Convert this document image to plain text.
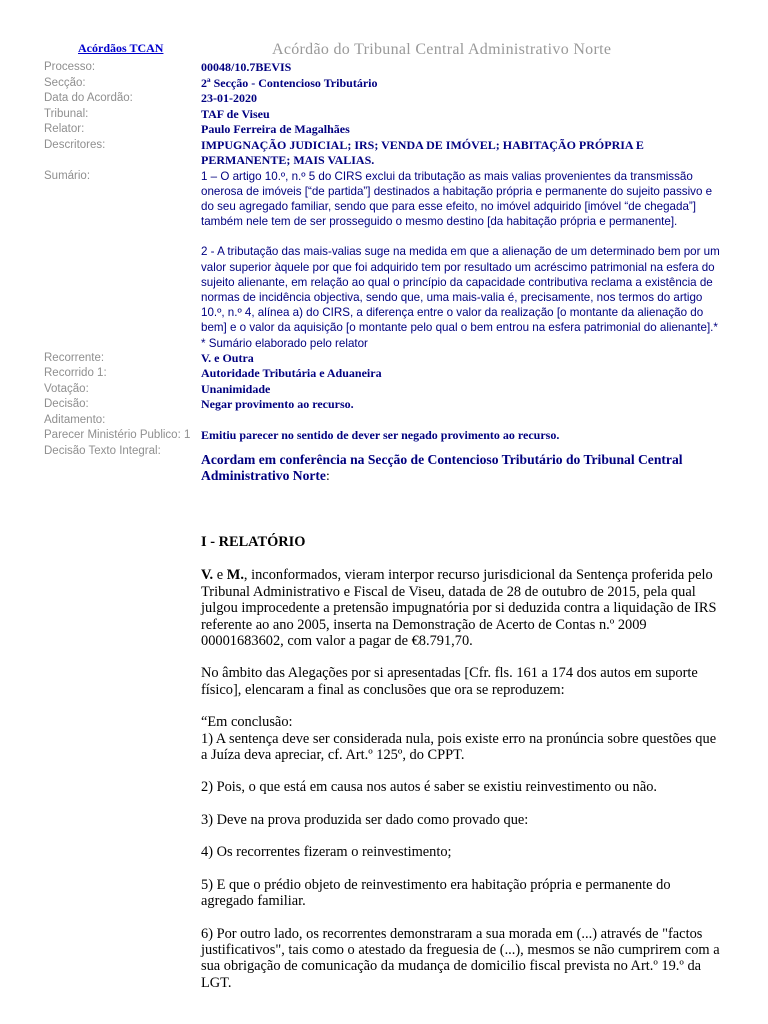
Acórdãos TCAN	Acórdão do Tribunal Central Administrativo Norte
Processo:	00048/10.7BEVIS
Secção:	2ª Secção - Contencioso Tributário
Data do Acordão:	23-01-2020
Tribunal:	TAF de Viseu
Relator:	Paulo Ferreira de Magalhães
Descritores:	IMPUGNAÇÃO JUDICIAL; IRS; VENDA DE IMÓVEL; HABITAÇÃO PRÓPRIA E PERMANENTE; MAIS VALIAS.
Sumário:	1 – O artigo 10.º, n.º 5 do CIRS exclui da tributação as mais valias provenientes da transmissão onerosa de imóveis [“de partida”] destinados a habitação própria e permanente do sujeito passivo e do seu agregado familiar, sendo que para esse efeito, no imóvel adquirido [imóvel “de chegada”] também nele tem de ser prosseguido o mesmo destino [da habitação própria e permanente].

2 - A tributação das mais-valias suge na medida em que a alienação de um determinado bem por um valor superior àquele por que foi adquirido tem por resultado um acréscimo patrimonial na esfera do sujeito alienante, em relação ao qual o princípio da capacidade contributiva reclama a existência de normas de incidência objectiva, sendo que, uma mais-valia é, precisamente, nos termos do artigo 10.º, n.º 4, alínea a) do CIRS, a diferença entre o valor da realização [o montante da alienação do bem] e o valor da aquisição [o montante pelo qual o bem entrou na esfera patrimonial do alienante].*

* Sumário elaborado pelo relator

Recorrente:	V. e Outra
Recorrido 1:	Autoridade Tributária e Aduaneira
Votação:	Unanimidade
Decisão:	Negar provimento ao recurso.
Aditamento:	
Parecer Ministério Publico: 1	Emitiu parecer no sentido de dever ser negado provimento ao recurso.
Decisão Texto Integral:	

Acordam em conferência na Secção de Contencioso Tributário do Tribunal Central Administrativo Norte:

I - RELATÓRIO

V. e M., inconformados, vieram interpor recurso jurisdicional da Sentença proferida pelo Tribunal Administrativo e Fiscal de Viseu, datada de 28 de outubro de 2015, pela qual julgou improcedente a pretensão impugnatória por si deduzida contra a liquidação de IRS referente ao ano 2005, inserta na Demonstração de Acerto de Contas n.º 2009 00001683602, com valor a pagar de €8.791,70.

No âmbito das Alegações por si apresentadas [Cfr. fls. 161 a 174 dos autos em suporte físico], elencaram a final as conclusões que ora se reproduzem:

“Em conclusão:

1) A sentença deve ser considerada nula, pois existe erro na pronúncia sobre questões que a Juíza deva apreciar, cf. Art.º 125º, do CPPT.

2) Pois, o que está em causa nos autos é saber se existiu reinvestimento ou não.

3) Deve na prova produzida ser dado como provado que:

4) Os recorrentes fizeram o reinvestimento;

5) E que o prédio objeto de reinvestimento era habitação própria e permanente do agregado familiar.

6) Por outro lado, os recorrentes demonstraram a sua morada em (...) através de "factos justificativos", tais como o atestado da freguesia de (...), mesmos se não cumprirem com a sua obrigação de comunicação da mudança de domicilio fiscal prevista no Art.º 19.º da LGT.
